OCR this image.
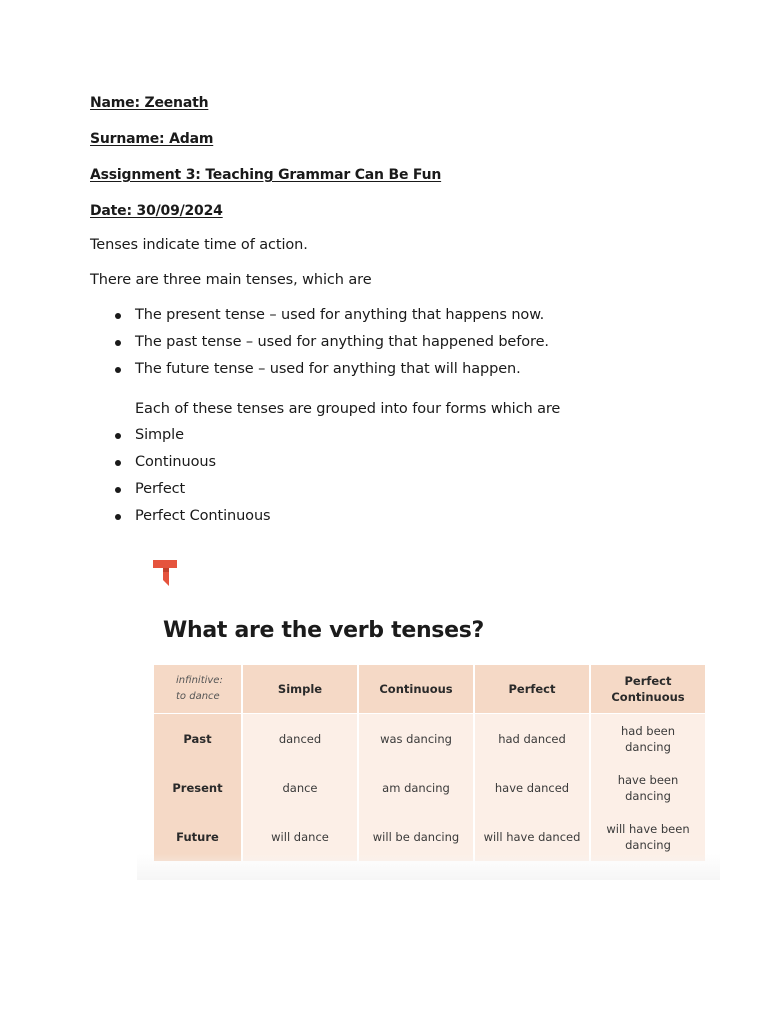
Name: Zeenath
Surname: Adam
Assignment 3: Teaching Grammar Can Be Fun
Date: 30/09/2024
Tenses indicate time of action.
There are three main tenses, which are
The present tense – used for anything that happens now.
The past tense – used for anything that happened before.
The future tense – used for anything that will happen.
Each of these tenses are grouped into four forms which are
Simple
Continuous
Perfect
Perfect Continuous
What are the verb tenses?
infinitive:
to dance	Simple	Continuous	Perfect	Perfect Continuous
Past	danced	was dancing	had danced	had been dancing
Present	dance	am dancing	have danced	have been dancing
Future	will dance	will be dancing	will have danced	will have been dancing
